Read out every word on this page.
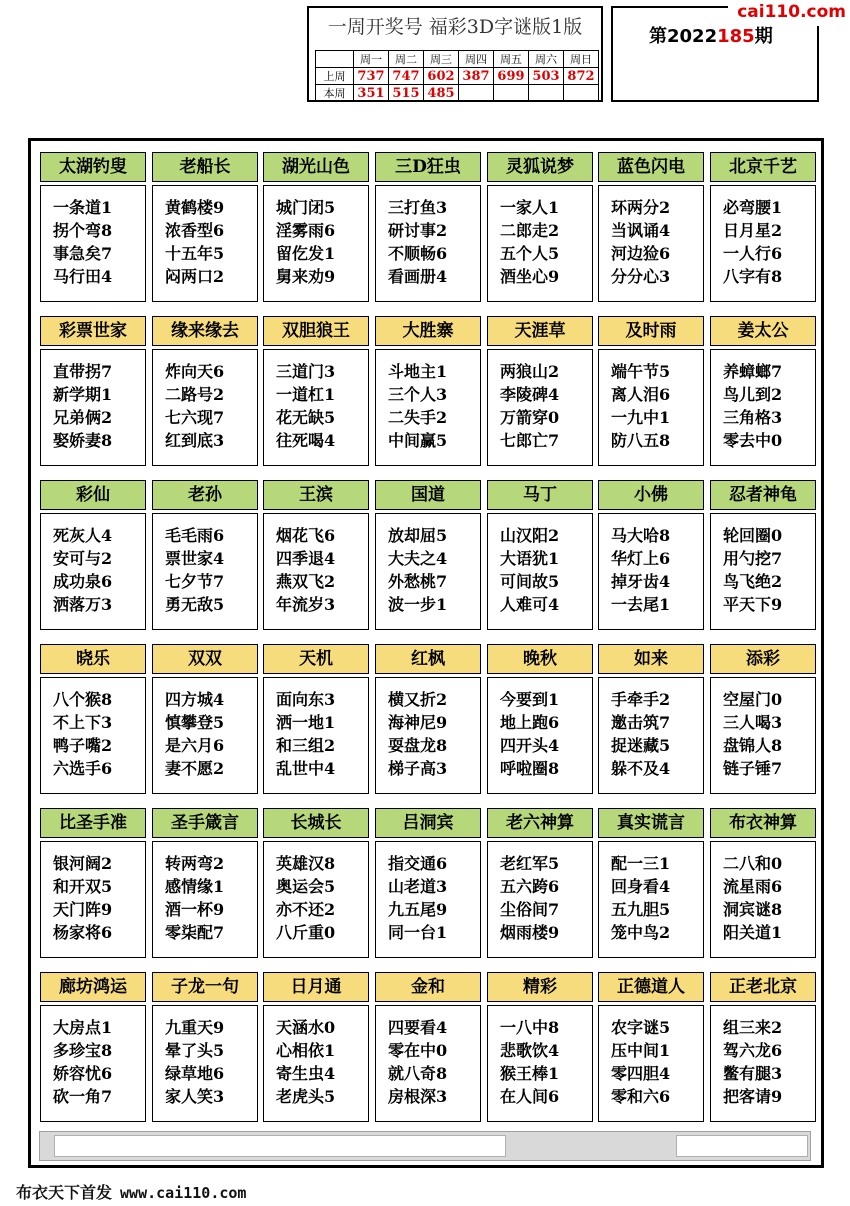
一周开奖号 福彩3D字谜版1版
	周一	周二	周三	周四	周五	周六	周日
上周	737	747	602	387	699	503	872
本周	351	515	485				
第2022185期
cai110.com
太湖钓叟
一条道1
拐个弯8
事急矣7
马行田4
老船长
黄鹤楼9
浓香型6
十五年5
闷两口2
湖光山色
城门闭5
淫雾雨6
留仡发1
舅来劝9
三D狂虫
三打鱼3
研讨事2
不顺畅6
看画册4
灵狐说梦
一家人1
二郎走2
五个人5
酒坐心9
蓝色闪电
环两分2
当讽诵4
河边猃6
分分心3
北京千艺
必弯腰1
日月星2
一人行6
八字有8
彩票世家
直带拐7
新学期1
兄弟俩2
娶娇妻8
缘来缘去
炸向天6
二路号2
七六现7
红到底3
双胆狼王
三道门3
一道杠1
花无缺5
往死喝4
大胜寨
斗地主1
三个人3
二失手2
中间赢5
天涯草
两狼山2
李陵碑4
万箭穿0
七郎亡7
及时雨
端午节5
离人泪6
一九中1
防八五8
姜太公
养蟑螂7
鸟儿到2
三角格3
零去中0
彩仙
死灰人4
安可与2
成功泉6
洒落万3
老孙
毛毛雨6
票世家4
七夕节7
勇无敌5
王滨
烟花飞6
四季退4
燕双飞2
年流岁3
国道
放却屈5
大夫之4
外愁桃7
波一步1
马丁
山汉阳2
大语犹1
可间故5
人难可4
小佛
马大哈8
华灯上6
掉牙齿4
一去尾1
忍者神龟
轮回圈0
用勺挖7
鸟飞绝2
平天下9
晓乐
八个猴8
不上下3
鸭子嘴2
六选手6
双双
四方城4
慎攀登5
是六月6
妻不愿2
天机
面向东3
洒一地1
和三组2
乱世中4
红枫
横又折2
海神尼9
耍盘龙8
梯子高3
晚秋
今要到1
地上跑6
四开头4
呼啦圈8
如来
手牵手2
邀击筑7
捉迷藏5
躲不及4
添彩
空屋门0
三人喝3
盘锦人8
链子锤7
比圣手准
银河阔2
和开双5
天门阵9
杨家将6
圣手箴言
转两弯2
感情缘1
酒一杯9
零柒配7
长城长
英雄汉8
奥运会5
亦不还2
八斤重0
吕洞宾
指交通6
山老道3
九五尾9
同一台1
老六神算
老红军5
五六跨6
尘俗间7
烟雨楼9
真实谎言
配一三1
回身看4
五九胆5
笼中鸟2
布衣神算
二八和0
流星雨6
洞宾谜8
阳关道1
廊坊鸿运
大房点1
多珍宝8
娇容忧6
砍一角7
子龙一句
九重天9
晕了头5
绿草地6
家人笑3
日月通
天涵水0
心相依1
寄生虫4
老虎头5
金和
四要看4
零在中0
就八奇8
房根深3
精彩
一八中8
悲歌饮4
猴王棒1
在人间6
正德道人
农字谜5
压中间1
零四胆4
零和六6
正老北京
组三来2
驾六龙6
鳖有腿3
把客请9
布衣天下首发 www.cai110.com
